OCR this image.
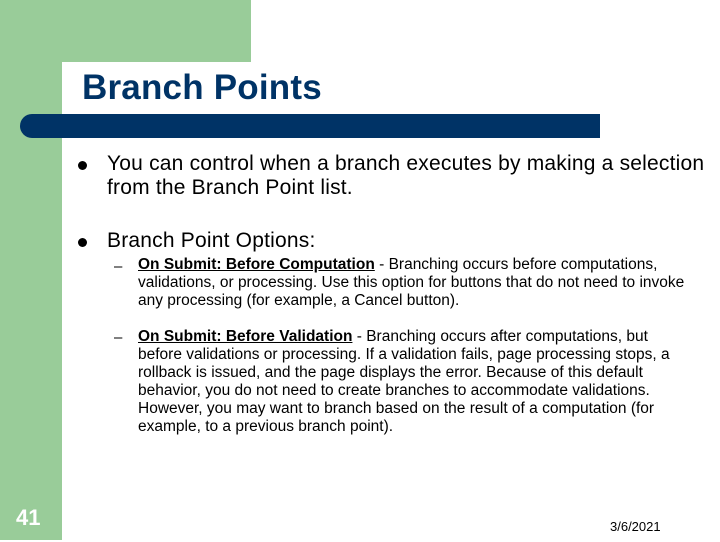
Branch Points

You can control when a branch executes by making a selection from the Branch Point list.

Branch Point Options:

– On Submit: Before Computation - Branching occurs before computations, validations, or processing. Use this option for buttons that do not need to invoke any processing (for example, a Cancel button).

– On Submit: Before Validation - Branching occurs after computations, but before validations or processing. If a validation fails, page processing stops, a rollback is issued, and the page displays the error. Because of this default behavior, you do not need to create branches to accommodate validations. However, you may want to branch based on the result of a computation (for example, to a previous branch point).

41	3/6/2021
